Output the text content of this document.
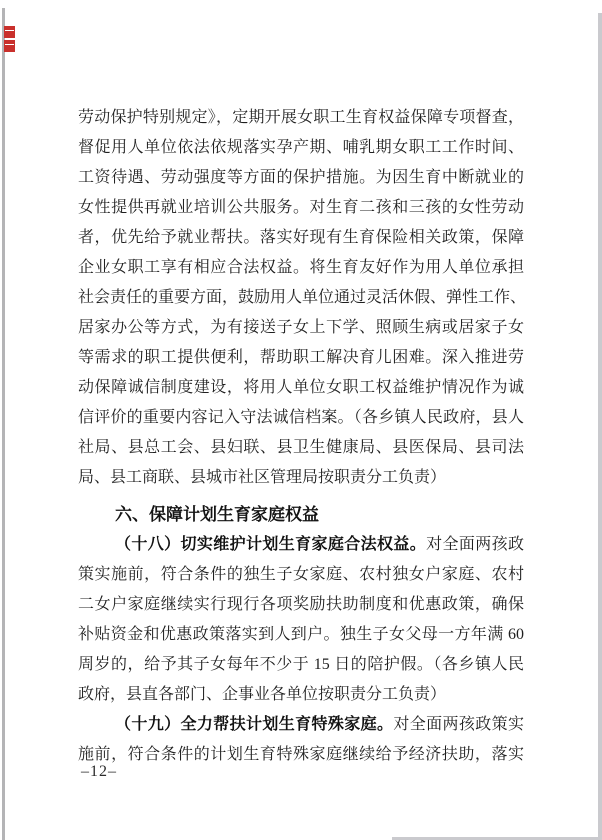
劳动保护特别规定》，定期开展女职工生育权益保障专项督查，
督促用人单位依法依规落实孕产期、哺乳期女职工工作时间、
工资待遇、劳动强度等方面的保护措施。为因生育中断就业的
女性提供再就业培训公共服务。对生育二孩和三孩的女性劳动
者，优先给予就业帮扶。落实好现有生育保险相关政策，保障
企业女职工享有相应合法权益。将生育友好作为用人单位承担
社会责任的重要方面，鼓励用人单位通过灵活休假、弹性工作、
居家办公等方式，为有接送子女上下学、照顾生病或居家子女
等需求的职工提供便利，帮助职工解决育儿困难。深入推进劳
动保障诚信制度建设，将用人单位女职工权益维护情况作为诚
信评价的重要内容记入守法诚信档案。（各乡镇人民政府，县人
社局、县总工会、县妇联、县卫生健康局、县医保局、县司法
局、县工商联、县城市社区管理局按职责分工负责）
六、保障计划生育家庭权益
（十八）切实维护计划生育家庭合法权益。对全面两孩政
策实施前，符合条件的独生子女家庭、农村独女户家庭、农村
二女户家庭继续实行现行各项奖励扶助制度和优惠政策，确保
补贴资金和优惠政策落实到人到户。独生子女父母一方年满 60
周岁的，给予其子女每年不少于 15 日的陪护假。（各乡镇人民
政府，县直各部门、企事业各单位按职责分工负责）
（十九）全力帮扶计划生育特殊家庭。对全面两孩政策实
施前，符合条件的计划生育特殊家庭继续给予经济扶助，落实
–12–
